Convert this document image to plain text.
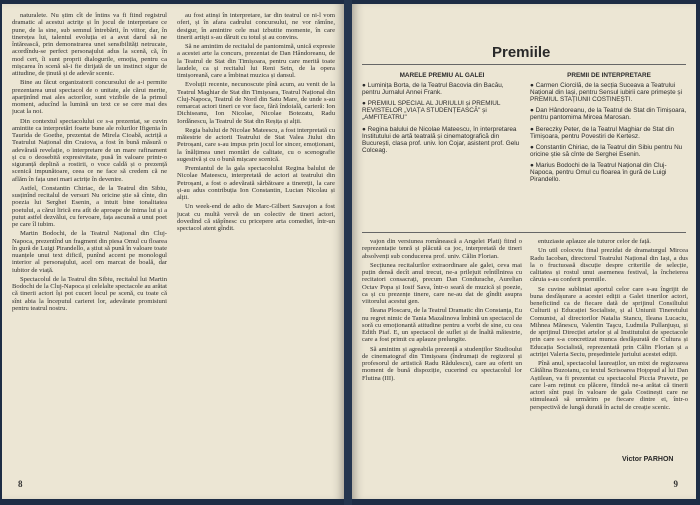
naturalete. Nu știm cît de întins va fi fiind registrul dramatic al acestui actriţe și în jocul de interpretare ce pune, de la sine, sub semnul întrebării, în viitor, dar, în tinerețea lui, talentul evoluția ei a avut darul să ne întărească, prin demonstrarea unei sensibilități netrucate, acordîndu-se perfect personajului adus la scenă, că, în mod cert, îi sunt proprii dialogurile, emoția, pentru ca mișcarea în scenă să-i fie dirijată de un instinct sigur de atitudine, de ținută și de adevăr scenic.

Bine au făcut organizatorii concursului de a-i permite prezentarea unui spectacol de o unitate, ale cărui merite, aparținînd mai ales actorilor, sunt vizibile de la primul moment, aducînd la lumină un text ce se cere mai des jucat la noi.

Din contextul spectacolului ce s-a prezentat, se cuvin amintite ca interpretări foarte bune ale rolurilor Ifigenia în Taurida de Goethe, prezentat de Mirela Cioabă, actriță a Teatrului Național din Craiova, a fost în bună măsură o adevărată revelație, o interpretare de un mare rafinament și cu o deosebită expresivitate, pusă în valoare printr-o siguranță deplină a rostirii, o voce caldă și o prezență scenică impunătoare, ceea ce ne face să credem că ne aflăm în fața unei mari actrițe în devenire.

Astfel, Constantin Chiriac, de la Teatrul din Sibiu, susținînd recitalul de versuri Nu oricine știe să cînte, din poezia lui Serghei Esenin, a intuit bine tonalitatea poetului, a cărui lirică era atît de aproape de inima lui și a putut astfel dezvălui, cu fervoare, fața ascunsă a unui poet pe care îl iubim.

Martin Bodochi, de la Teatrul Național din Cluj-Napoca, prezentînd un fragment din piesa Omul cu floarea în gură de Luigi Pirandello, a știut să pună în valoare toate nuanțele unui text dificil, punînd accent pe monologul interior al personajului, acel om marcat de boală, dar iubitor de viață.

Spectacolul de la Teatrul din Sibiu, recitalul lui Martin Bodochi de la Cluj-Napoca și celelalte spectacole au arătat că tinerii actori își pot cuceri locul pe scenă, cu toate că sînt abia la începutul carierei lor, adevărate promisiuni pentru teatrul nostru.

au fost atinși în interpretare, iar din teatrul ce ni-l vom oferi, și în afara cadrului concursului, ne vor rămîne, desigur, în amintire cele mai izbutite momente, în care tinerii artiști s-au dăruit cu totul și au convins.

Să ne amintim de recitalul de pantomimă, unică expresie a acestei arte la concurs, prezentat de Dan Hândoreanu, de la Teatrul de Stat din Timișoara, pentru care merită toate laudele, ca și recitalul lui Reni Sein, de la opera timișoreană, care a îmbinat muzica și dansul.

Evoluții recente, necunoscute pînă acum, au venit de la Teatrul Maghiar de Stat din Timișoara, Teatrul Național din Cluj-Napoca, Teatrul de Nord din Satu Mare, de unde s-au remarcat actori tineri ce vor face, fără îndoială, carieră: Ion Dichiseanu, Ion Nicolae, Nicolae Botezatu, Radu Iordănescu, la Teatrul de Stat din Reșița și alții.

Regia balului de Nicolae Mateescu, a fost interpretată cu măiestrie de actorii Teatrului de Stat Valea Jiului din Petroșani, care s-au impus prin jocul lor sincer, emoționant, la înălțimea unei montări de calitate, cu o scenografie sugestivă și cu o bună mișcare scenică.

Premiantul de la gala spectacolului Regina balului de Nicolae Mateescu, interpretată de actori ai teatrului din Petroșani, a fost o adevărată sărbătoare a tinereții, la care și-au adus contribuția Ion Constantin, Lucian Nicolau și alții.

Un week-end de adio de Marc-Gilbert Sauvajon a fost jucat cu multă vervă de un colectiv de tineri actori, dovedind că stăpînesc cu pricepere arta comediei, într-un spectacol atent gîndit.

8
Premiile
MARELE PREMIU AL GALEI
● Luminița Borta, de la Teatrul Bacovia din Bacău, pentru Jurnalul Annei Frank.
● PREMIUL SPECIAL AL JURIULUI și PREMIUL REVISTELOR „VIAȚA STUDENȚEASCĂ" și „AMFITEATRU"
● Regina balului de Nicolae Mateescu, în interpretarea Institutului de artă teatrală și cinematografică din București, clasa prof. univ. Ion Cojar, asistent prof. Gelu Colceag.
PREMII DE INTERPRETARE
● Carmen Ciorcilă, de la secția Suceava a Teatrului Național din Iași, pentru Sensul iubirii care primește și PREMIUL STAȚIUNII COSTINEȘTI.
● Dan Hândoreanu, de la Teatrul de Stat din Timișoara, pentru pantomima Mircea Marosan.
● Bereczky Peter, de la Teatrul Maghiar de Stat din Timișoara, pentru Povestiri de Kertesz.
● Constantin Chiriac, de la Teatrul din Sibiu pentru Nu oricine știe să cînte de Serghei Esenin.
● Marius Bodochi de la Teatrul Național din Cluj-Napoca, pentru Omul cu floarea în gură de Luigi Pirandello.

vajon din versiunea românească a Angelei Plati) fiind o reprezentație tenră și plăcută ca joc, interpretată de tineri absolvenți sub conducerea prof. univ. Călin Florian.

Secțiunea recitalurilor extraordinare ale galei, ceva mai puțin densă decît anul trecut, ne-a prilejuit reîntîlnirea cu recitatori consacrați, precum Dan Condurache, Aurelian Octav Popa și Iosif Sava, într-o seară de muzică și poezie, ca și cu prezențe tinere, care ne-au dat de gîndit asupra viitorului acestui gen.

Ileana Ploscaru, de la Teatrul Dramatic din Constanța, Eu nu regret nimic de Tania Mazalinova îmbină un spectacol de soră cu emoționantă atitudine pentru a vorbi de sine, cu cea Edith Piaf. E, un spectacol de suflet și de înaltă măiestrie, care a fost primit cu aplauze prelungite.

Să amintim și agreabila prezență a studenților Studioului de cinematograf din Timișoara (îndrumați de regizorul și profesorul de artistică Radu Rădulescu), care au oferit un moment de bună dispoziție, cucerind cu spectacolul lor Flutina (III).

entuziaste aplauze ale tuturor celor de față.

Un util colocviu final prezidat de dramaturgul Mircea Radu Iacoban, directorul Teatrului Național din Iași, a dus la o fructuoasă discuție despre criteriile de selecție, calitatea și rostul unui asemenea festival, la încheierea căruia s-au conferit premiile.

Se cuvine subliniat aportul celor care s-au îngrijit de buna desfășurare a acestei ediții a Galei tinerilor actori, beneficiind ca de fiecare dată de sprijinul Consiliului Culturii și Educației Socialiste, și al Uniunii Tineretului Comunist, al directorilor Natalia Stancu, Ileana Lucaciu, Mihnea Mănescu, Valentin Taşcu, Ludmila Pullanjușu, și de sprijinul Direcției artelor și al Institutului de spectacole prin care s-a concretizat munca desfășurată de Cultura și Educația Socialistă, reprezentată prin Călin Florian și a actriței Valeria Seciu, președintele juriului acestei ediții.

Pînă anul, spectacolul laureaților, un mixt de regizoarea Cătălina Buzoianu, cu textul Scrisoarea Hoţopud al lui Dan Aștilean, va fi prezentat cu spectacolul Piccia Pravetz, pe care l-am reținut cu plăcere, fiindcă ne-a arătat că tinerii actori sînt puși în valoare de gala Costinești care ne stimulează să urmărim pe fiecare dintre ei, într-o perspectivă de lungă durată în actul de creație scenic.

Victor PARHON
9
